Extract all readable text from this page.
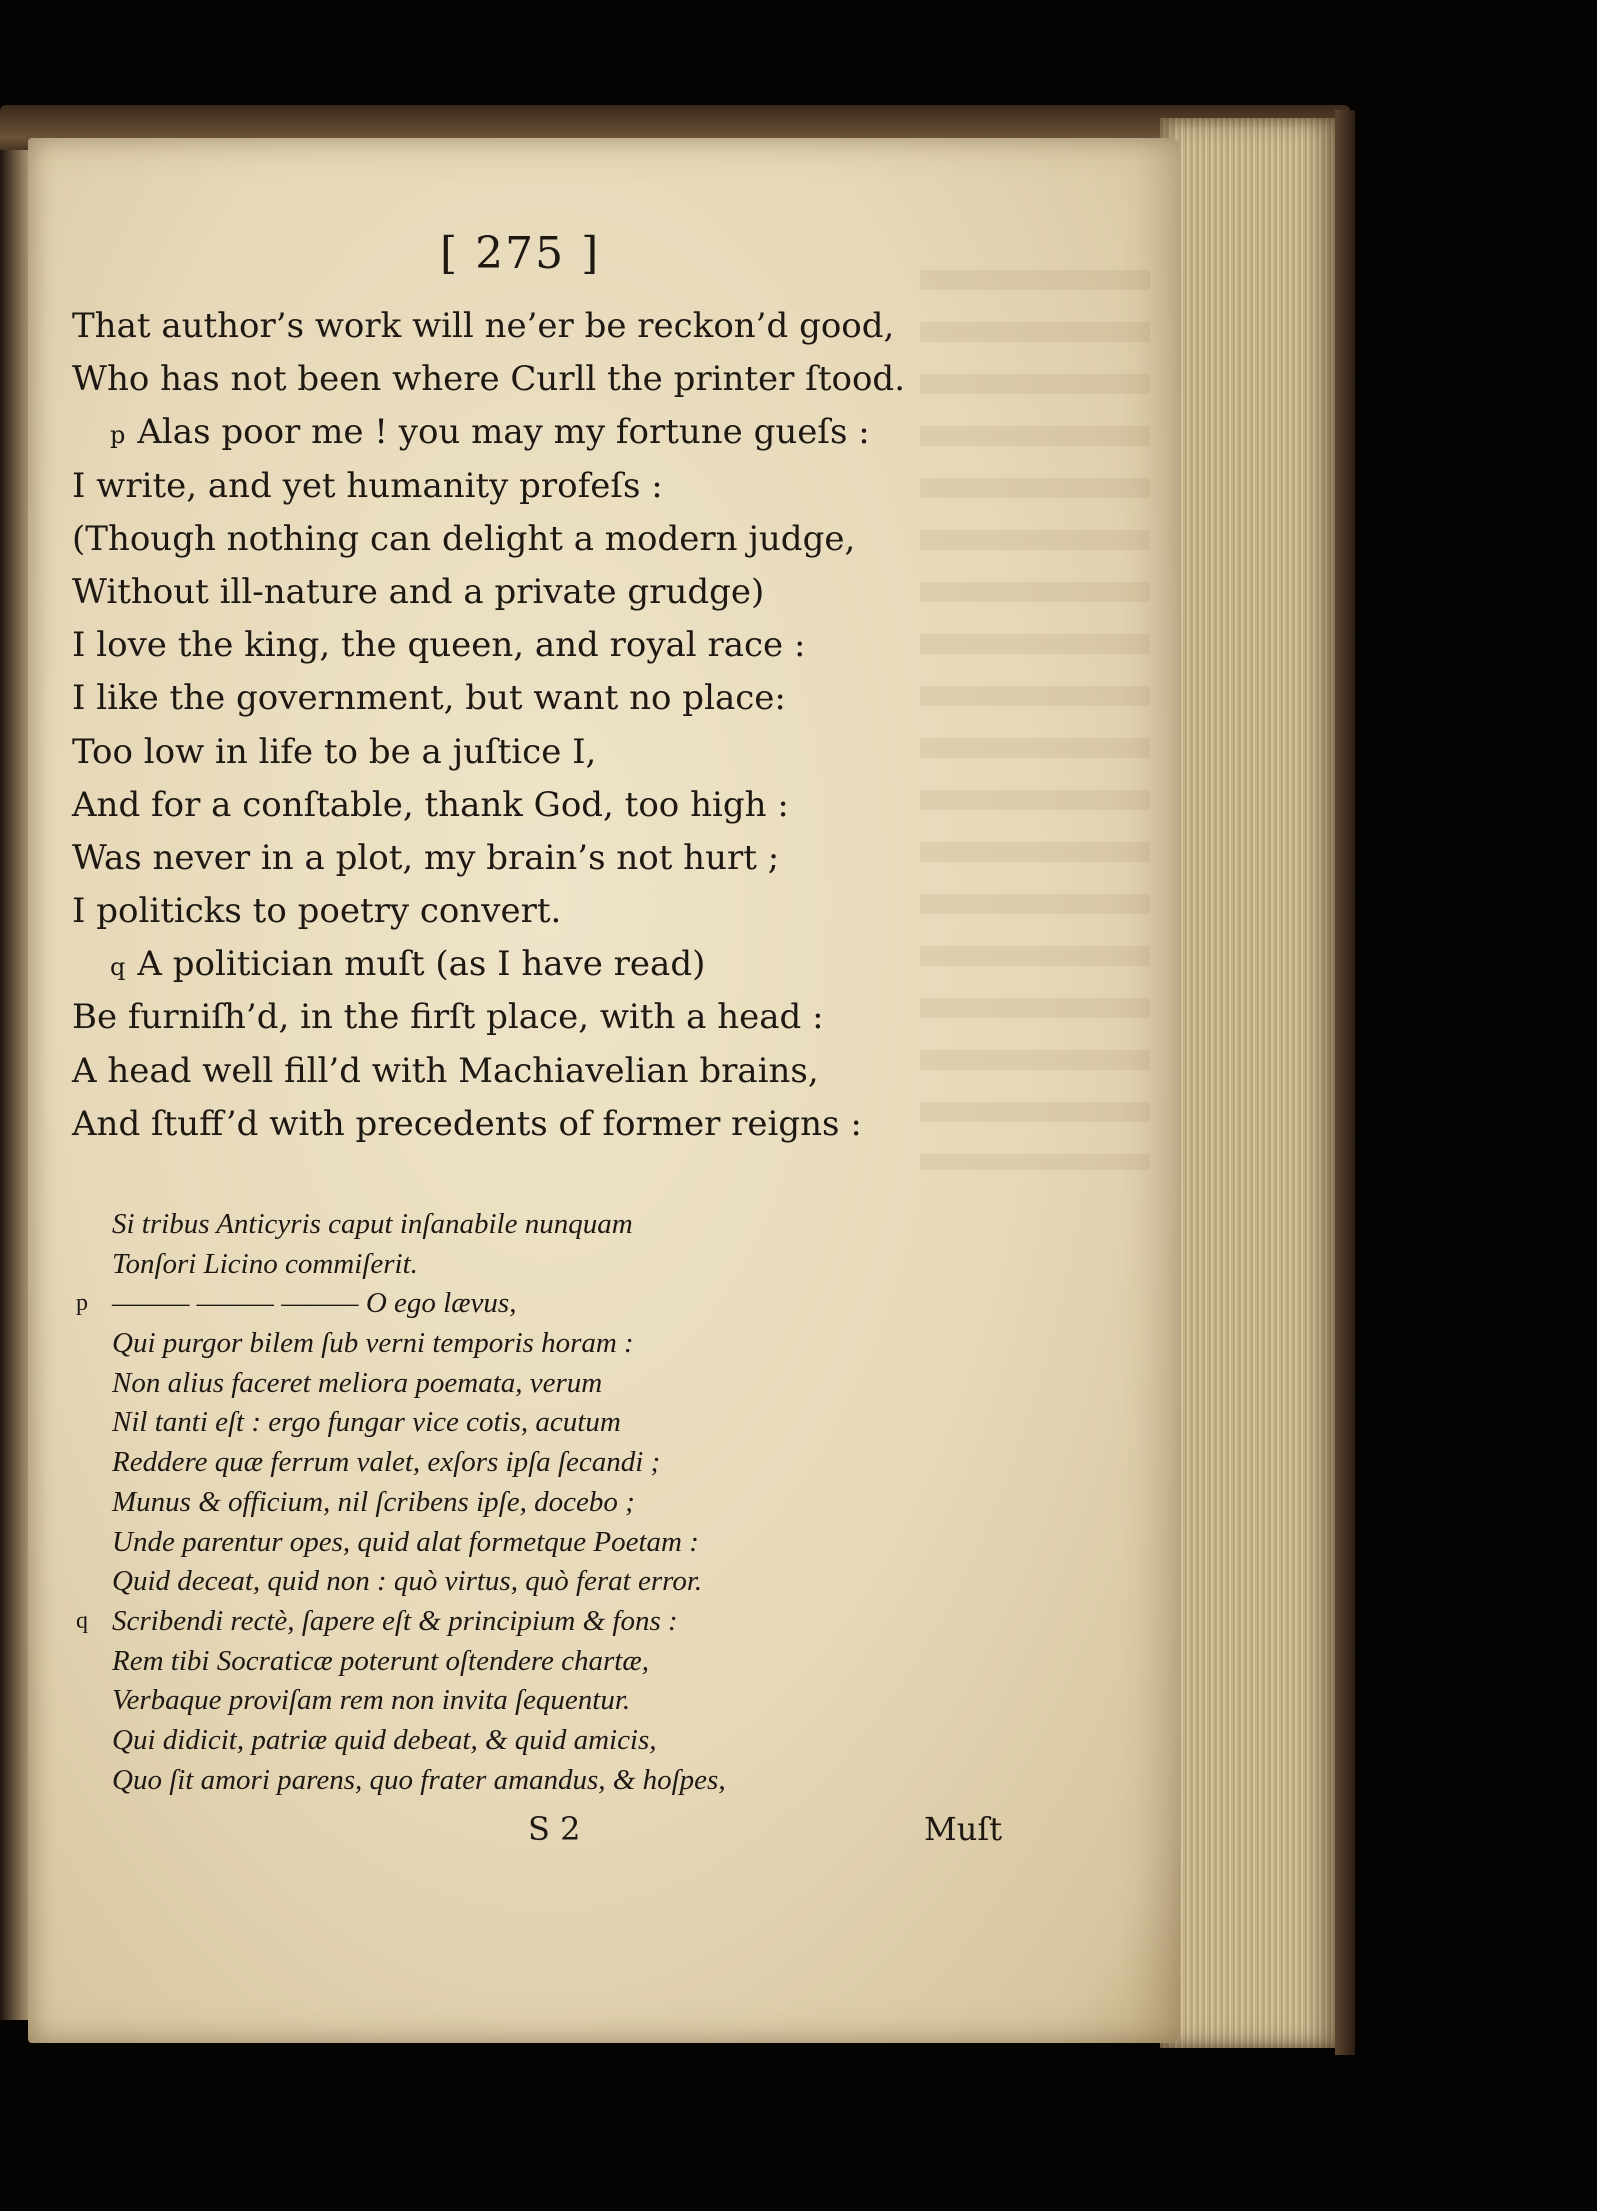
[ 275 ]
That author’s work will ne’er be reckon’d good,
Who has not been where Curll the printer ſtood.
p Alas poor me ! you may my fortune gueſs :
I write, and yet humanity profeſs :
(Though nothing can delight a modern judge,
Without ill-nature and a private grudge)
I love the king, the queen, and royal race :
I like the government, but want no place:
Too low in life to be a juſtice I,
And for a conſtable, thank God, too high :
Was never in a plot, my brain’s not hurt ;
I politicks to poetry convert.
q A politician muſt (as I have read)
Be furniſh’d, in the firſt place, with a head :
A head well fill’d with Machiavelian brains,
And ſtuff’d with precedents of former reigns :
Si tribus Anticyris caput inſanabile nunquam
Tonſori Licino commiſerit.
p ——— ——— ——— O ego lævus,
Qui purgor bilem ſub verni temporis horam :
Non alius faceret meliora poemata, verum
Nil tanti eſt : ergo fungar vice cotis, acutum
Reddere quæ ferrum valet, exſors ipſa ſecandi ;
Munus & officium, nil ſcribens ipſe, docebo ;
Unde parentur opes, quid alat formetque Poetam :
Quid deceat, quid non : quò virtus, quò ferat error.
q Scribendi rectè, ſapere eſt & principium & fons :
Rem tibi Socraticæ poterunt oſtendere chartæ,
Verbaque proviſam rem non invita ſequentur.
Qui didicit, patriæ quid debeat, & quid amicis,
Quo ſit amori parens, quo frater amandus, & hoſpes,
S 2	Muſt
